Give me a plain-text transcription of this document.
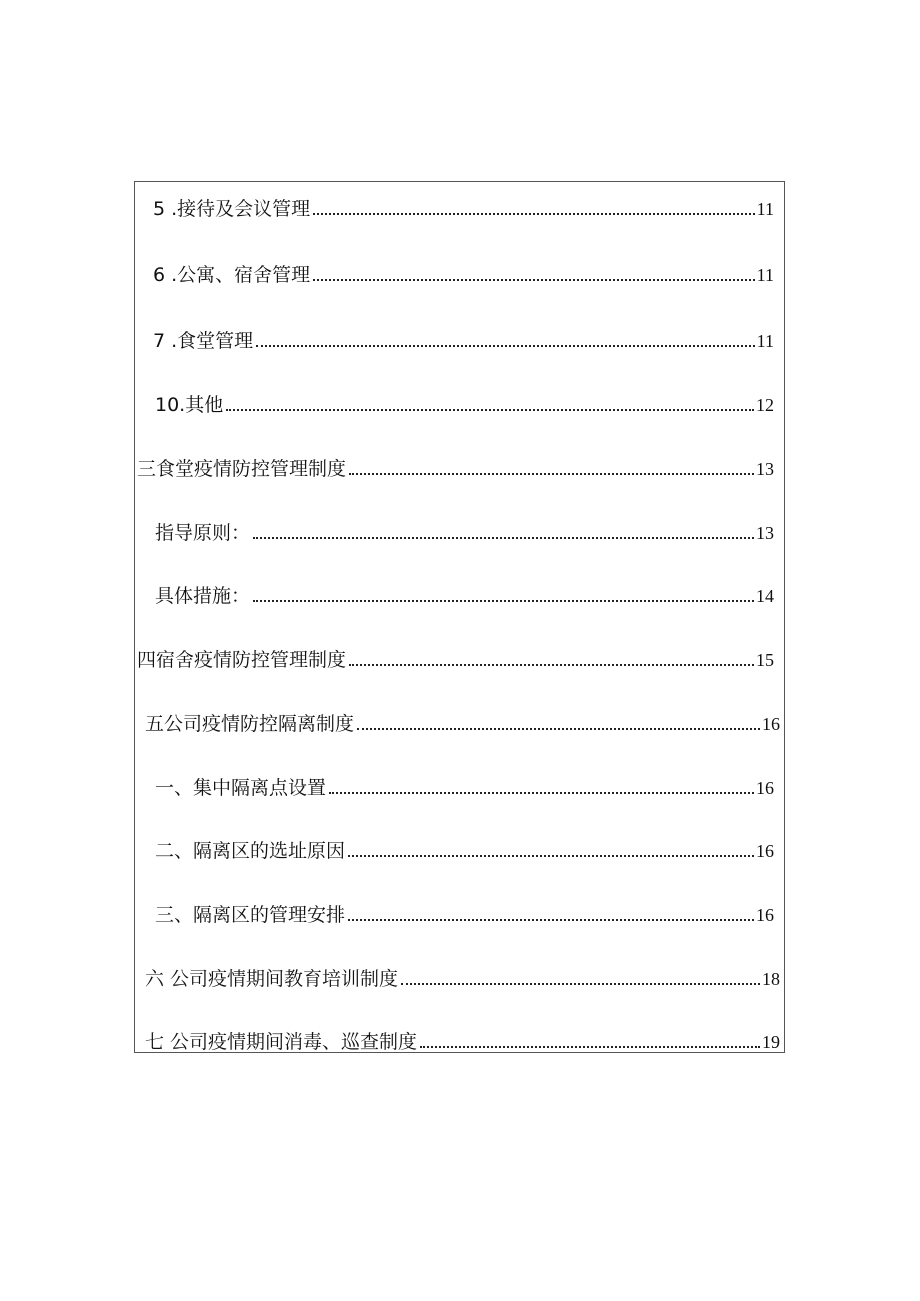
5 .接待及会议管理	11
6 .公寓、宿舍管理	11
7 .食堂管理	11
10.其他	12
三食堂疫情防控管理制度	13
指导原则：	13
具体措施：	14
四宿舍疫情防控管理制度	15
五公司疫情防控隔离制度	16
一、集中隔离点设置	16
二、隔离区的选址原因	16
三、隔离区的管理安排	16
六 公司疫情期间教育培训制度	18
七 公司疫情期间消毒、巡查制度	19
